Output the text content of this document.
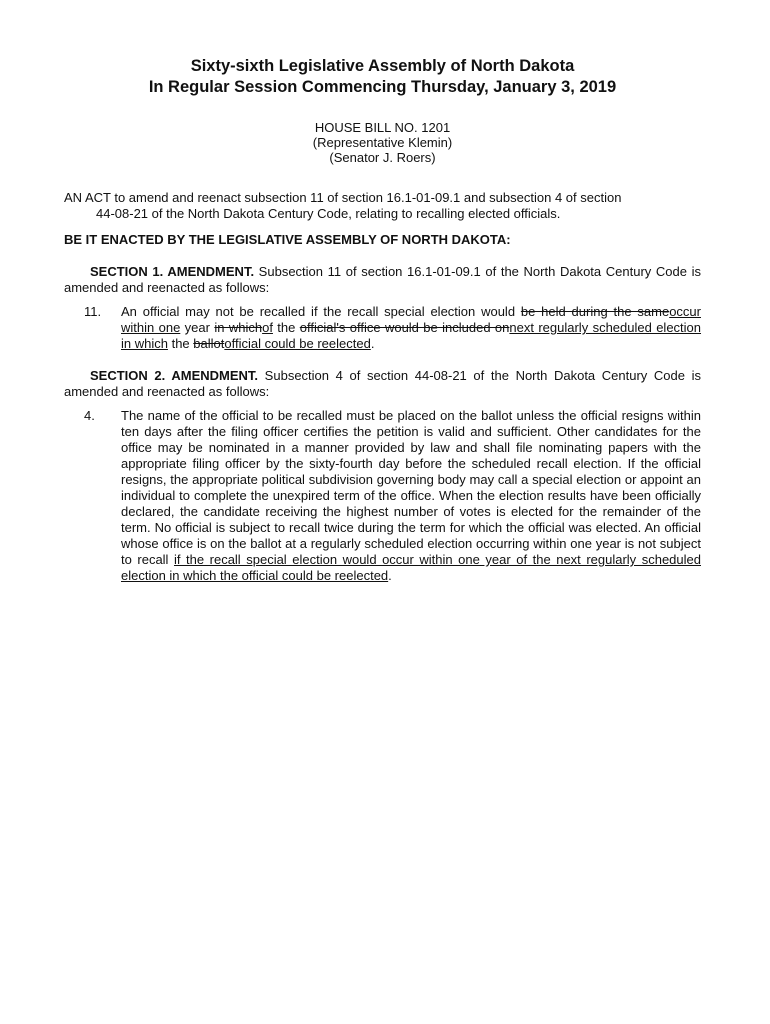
Sixty-sixth Legislative Assembly of North Dakota
In Regular Session Commencing Thursday, January 3, 2019
HOUSE BILL NO. 1201
(Representative Klemin)
(Senator J. Roers)
AN ACT to amend and reenact subsection 11 of section 16.1-01-09.1 and subsection 4 of section
44-08-21 of the North Dakota Century Code, relating to recalling elected officials.
BE IT ENACTED BY THE LEGISLATIVE ASSEMBLY OF NORTH DAKOTA:
SECTION 1. AMENDMENT. Subsection 11 of section 16.1-01-09.1 of the North Dakota Century Code is amended and reenacted as follows:
11.	An official may not be recalled if the recall special election would be held during the sameoccur within one year in whichof the official's office would be included onnext regularly scheduled election in which the ballotofficial could be reelected.
SECTION 2. AMENDMENT. Subsection 4 of section 44-08-21 of the North Dakota Century Code is amended and reenacted as follows:
4.	The name of the official to be recalled must be placed on the ballot unless the official resigns within ten days after the filing officer certifies the petition is valid and sufficient. Other candidates for the office may be nominated in a manner provided by law and shall file nominating papers with the appropriate filing officer by the sixty-fourth day before the scheduled recall election. If the official resigns, the appropriate political subdivision governing body may call a special election or appoint an individual to complete the unexpired term of the office. When the election results have been officially declared, the candidate receiving the highest number of votes is elected for the remainder of the term. No official is subject to recall twice during the term for which the official was elected. An official whose office is on the ballot at a regularly scheduled election occurring within one year is not subject to recall if the recall special election would occur within one year of the next regularly scheduled election in which the official could be reelected.
